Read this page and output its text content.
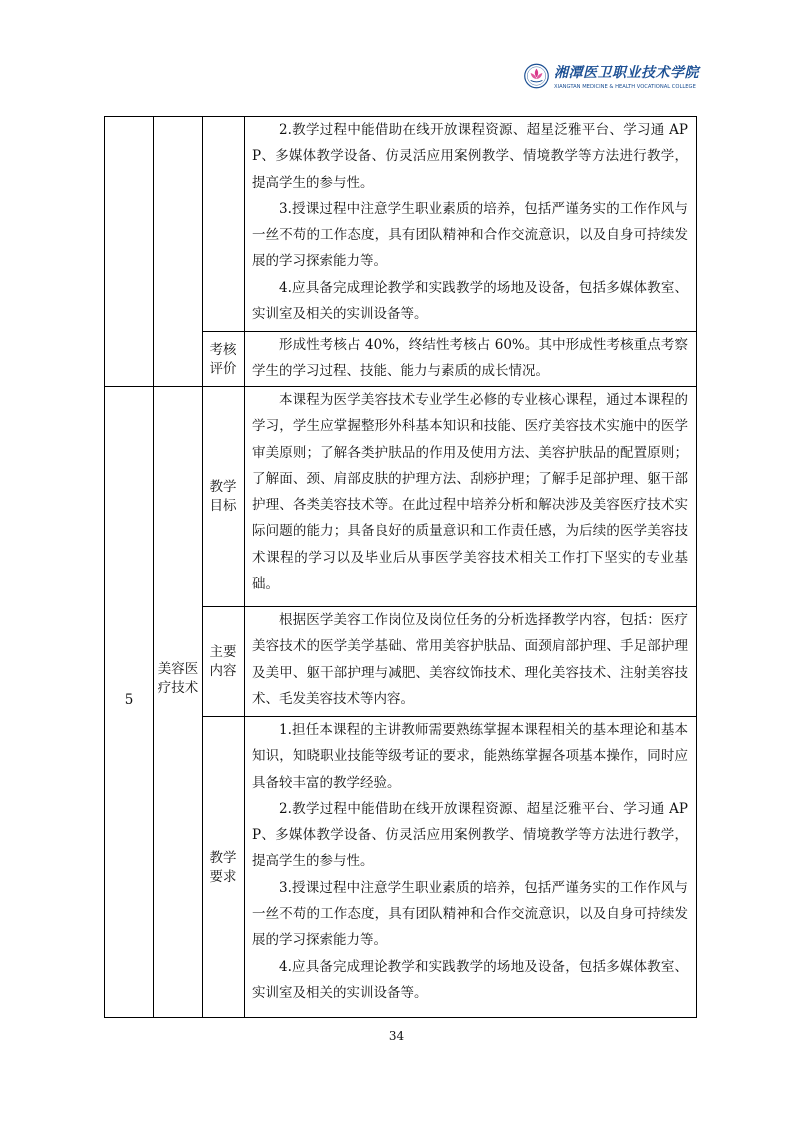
湘潭医卫职业技术学院
XIANGTAN MEDICINE & HEALTH VOCATIONAL COLLEGE

2.教学过程中能借助在线开放课程资源、超星泛雅平台、学习通 APP、多媒体教学设备、仿灵活应用案例教学、情境教学等方法进行教学，提高学生的参与性。

3.授课过程中注意学生职业素质的培养，包括严谨务实的工作作风与一丝不苟的工作态度，具有团队精神和合作交流意识，以及自身可持续发展的学习探索能力等。

4.应具备完成理论教学和实践教学的场地及设备，包括多媒体教室、实训室及相关的实训设备等。

考核评价

形成性考核占 40%，终结性考核占 60%。其中形成性考核重点考察学生的学习过程、技能、能力与素质的成长情况。

5
美容医疗技术
教学目标

本课程为医学美容技术专业学生必修的专业核心课程，通过本课程的学习，学生应掌握整形外科基本知识和技能、医疗美容技术实施中的医学审美原则；了解各类护肤品的作用及使用方法、美容护肤品的配置原则；了解面、颈、肩部皮肤的护理方法、刮痧护理；了解手足部护理、躯干部护理、各类美容技术等。在此过程中培养分析和解决涉及美容医疗技术实际问题的能力；具备良好的质量意识和工作责任感，为后续的医学美容技术课程的学习以及毕业后从事医学美容技术相关工作打下坚实的专业基础。

主要内容

根据医学美容工作岗位及岗位任务的分析选择教学内容，包括：医疗美容技术的医学美学基础、常用美容护肤品、面颈肩部护理、手足部护理及美甲、躯干部护理与减肥、美容纹饰技术、理化美容技术、注射美容技术、毛发美容技术等内容。

教学要求

1.担任本课程的主讲教师需要熟练掌握本课程相关的基本理论和基本知识，知晓职业技能等级考证的要求，能熟练掌握各项基本操作，同时应具备较丰富的教学经验。

2.教学过程中能借助在线开放课程资源、超星泛雅平台、学习通 APP、多媒体教学设备、仿灵活应用案例教学、情境教学等方法进行教学，提高学生的参与性。

3.授课过程中注意学生职业素质的培养，包括严谨务实的工作作风与一丝不苟的工作态度，具有团队精神和合作交流意识，以及自身可持续发展的学习探索能力等。

4.应具备完成理论教学和实践教学的场地及设备，包括多媒体教室、实训室及相关的实训设备等。

34
